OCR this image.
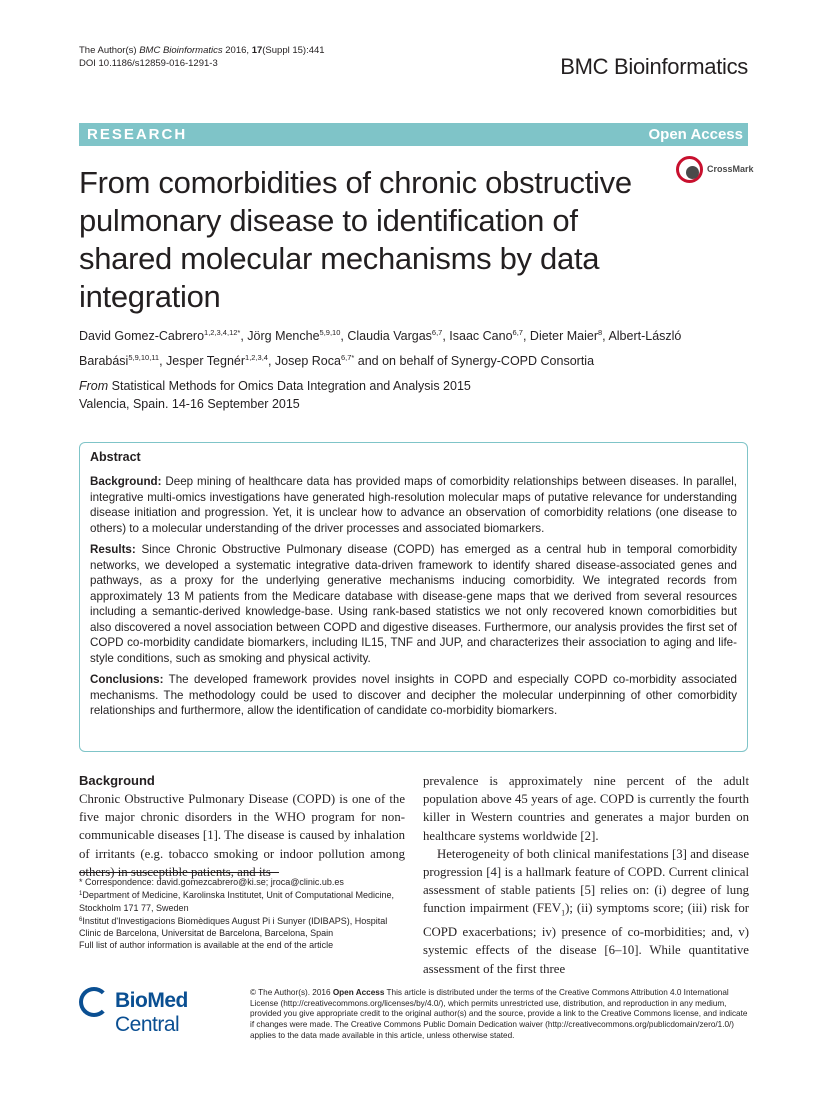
The Author(s) BMC Bioinformatics 2016, 17(Suppl 15):441
DOI 10.1186/s12859-016-1291-3	BMC Bioinformatics
RESEARCH	Open Access
CrossMark
From comorbidities of chronic obstructive pulmonary disease to identification of shared molecular mechanisms by data integration
David Gomez-Cabrero$^{1,2,3,4,12*}$, Jörg Menche$^{5,9,10}$, Claudia Vargas$^{6,7}$, Isaac Cano$^{6,7}$, Dieter Maier$^8$, Albert-László Barabási$^{5,9,10,11}$, Jesper Tegnér$^{1,2,3,4}$, Josep Roca$^{6,7*}$ and on behalf of Synergy-COPD Consortia
From Statistical Methods for Omics Data Integration and Analysis 2015
Valencia, Spain. 14-16 September 2015
Abstract

Background: Deep mining of healthcare data has provided maps of comorbidity relationships between diseases. In parallel, integrative multi-omics investigations have generated high-resolution molecular maps of putative relevance for understanding disease initiation and progression. Yet, it is unclear how to advance an observation of comorbidity relations (one disease to others) to a molecular understanding of the driver processes and associated biomarkers.

Results: Since Chronic Obstructive Pulmonary disease (COPD) has emerged as a central hub in temporal comorbidity networks, we developed a systematic integrative data-driven framework to identify shared disease-associated genes and pathways, as a proxy for the underlying generative mechanisms inducing comorbidity. We integrated records from approximately 13 M patients from the Medicare database with disease-gene maps that we derived from several resources including a semantic-derived knowledge-base. Using rank-based statistics we not only recovered known comorbidities but also discovered a novel association between COPD and digestive diseases. Furthermore, our analysis provides the first set of COPD co-morbidity candidate biomarkers, including IL15, TNF and JUP, and characterizes their association to aging and life-style conditions, such as smoking and physical activity.

Conclusions: The developed framework provides novel insights in COPD and especially COPD co-morbidity associated mechanisms. The methodology could be used to discover and decipher the molecular underpinning of other comorbidity relationships and furthermore, allow the identification of candidate co-morbidity biomarkers.

Background

Chronic Obstructive Pulmonary Disease (COPD) is one of the five major chronic disorders in the WHO program for non-communicable diseases [1]. The disease is caused by inhalation of irritants (e.g. tobacco smoking or indoor pollution among others) in susceptible patients, and its

prevalence is approximately nine percent of the adult population above 45 years of age. COPD is currently the fourth killer in Western countries and generates a major burden on healthcare systems worldwide [2].

Heterogeneity of both clinical manifestations [3] and disease progression [4] is a hallmark feature of COPD. Current clinical assessment of stable patients [5] relies on: (i) degree of lung function impairment $(FEV_1)$; (ii) symptoms score; (iii) risk for COPD exacerbations; iv) presence of co-morbidities; and, v) systemic effects of the disease [6–10]. While quantitative assessment of the first three

* Correspondence: david.gomezcabrero@ki.se; jroca@clinic.ub.es
$^1$Department of Medicine, Karolinska Institutet, Unit of Computational Medicine, Stockholm 171 77, Sweden
$^6$Institut d'Investigacions Biomèdiques August Pi i Sunyer (IDIBAPS), Hospital Clinic de Barcelona, Universitat de Barcelona, Barcelona, Spain
Full list of author information is available at the end of the article
BioMed Central
© The Author(s). 2016 Open Access This article is distributed under the terms of the Creative Commons Attribution 4.0 International License (http://creativecommons.org/licenses/by/4.0/), which permits unrestricted use, distribution, and reproduction in any medium, provided you give appropriate credit to the original author(s) and the source, provide a link to the Creative Commons license, and indicate if changes were made. The Creative Commons Public Domain Dedication waiver (http://creativecommons.org/publicdomain/zero/1.0/) applies to the data made available in this article, unless otherwise stated.
